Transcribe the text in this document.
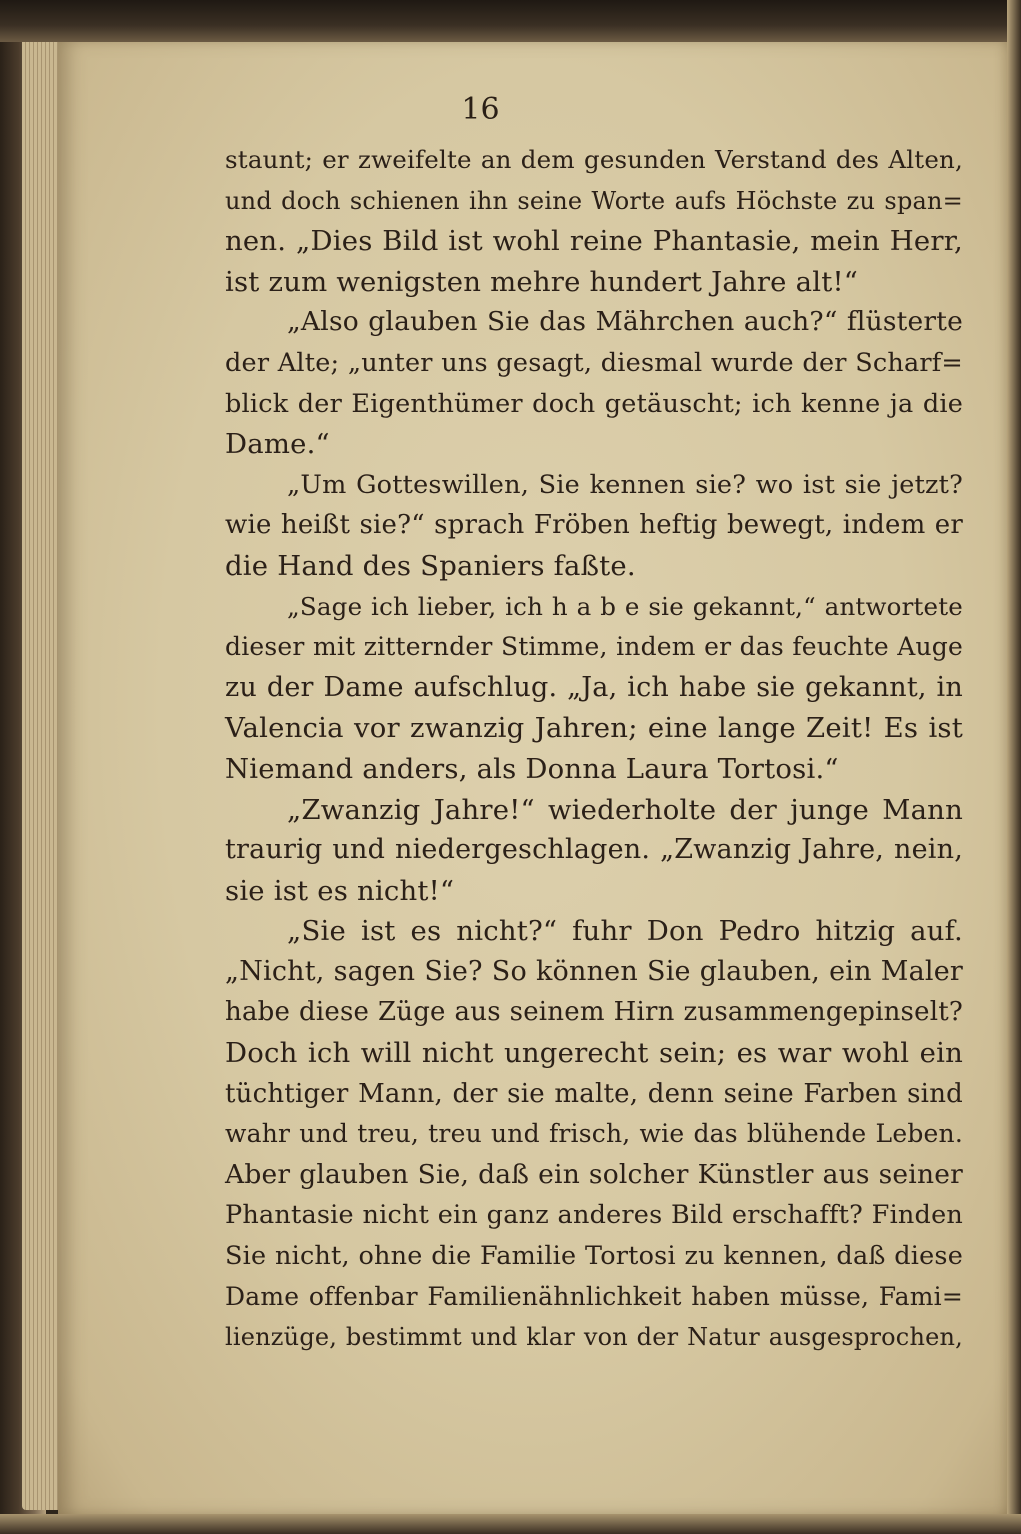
16
staunt; er zweifelte an dem gesunden Verstand des Alten,
und doch schienen ihn seine Worte aufs Höchste zu span=
nen. „Dies Bild ist wohl reine Phantasie, mein Herr,
ist zum wenigsten mehre hundert Jahre alt!“
„Also glauben Sie das Mährchen auch?“ flüsterte
der Alte; „unter uns gesagt, diesmal wurde der Scharf=
blick der Eigenthümer doch getäuscht; ich kenne ja die
Dame.“
„Um Gotteswillen, Sie kennen sie? wo ist sie jetzt?
wie heißt sie?“ sprach Fröben heftig bewegt, indem er
die Hand des Spaniers faßte.
„Sage ich lieber, ich h a b e sie gekannt,“ antwortete
dieser mit zitternder Stimme, indem er das feuchte Auge
zu der Dame aufschlug. „Ja, ich habe sie gekannt, in
Valencia vor zwanzig Jahren; eine lange Zeit! Es ist
Niemand anders, als Donna Laura Tortosi.“
„Zwanzig Jahre!“ wiederholte der junge Mann
traurig und niedergeschlagen. „Zwanzig Jahre, nein,
sie ist es nicht!“
„Sie ist es nicht?“ fuhr Don Pedro hitzig auf.
„Nicht, sagen Sie? So können Sie glauben, ein Maler
habe diese Züge aus seinem Hirn zusammengepinselt?
Doch ich will nicht ungerecht sein; es war wohl ein
tüchtiger Mann, der sie malte, denn seine Farben sind
wahr und treu, treu und frisch, wie das blühende Leben.
Aber glauben Sie, daß ein solcher Künstler aus seiner
Phantasie nicht ein ganz anderes Bild erschafft? Finden
Sie nicht, ohne die Familie Tortosi zu kennen, daß diese
Dame offenbar Familienähnlichkeit haben müsse, Fami=
lienzüge, bestimmt und klar von der Natur ausgesprochen,
